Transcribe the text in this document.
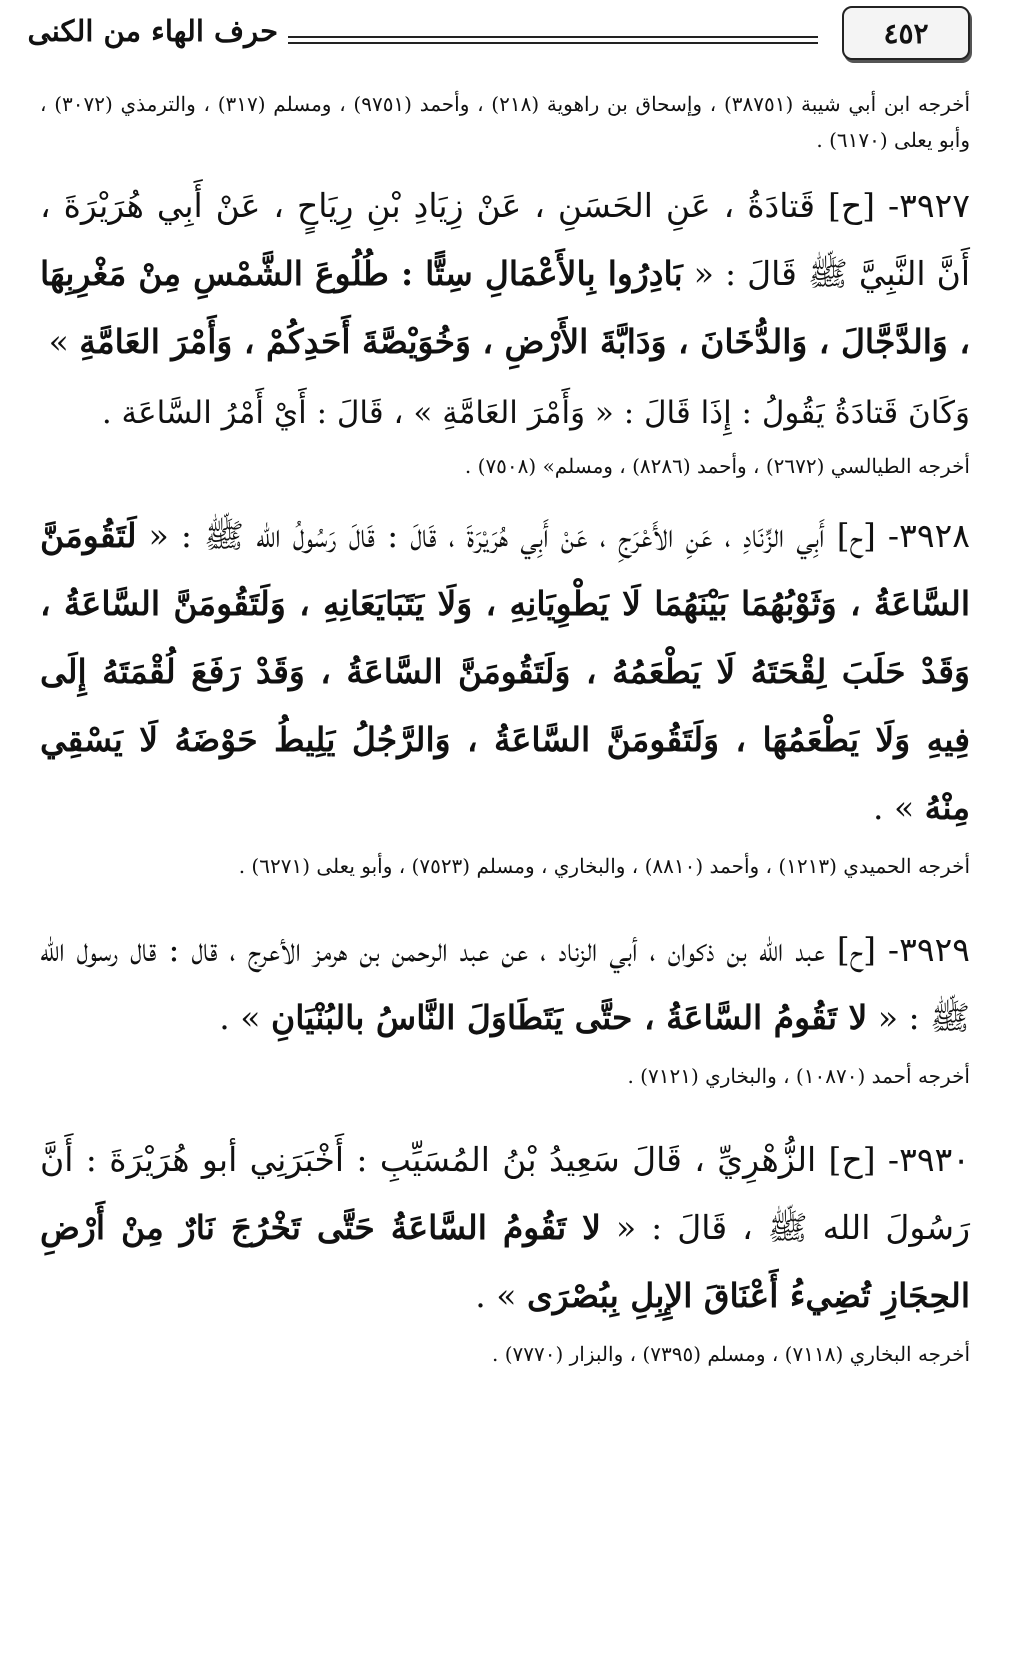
٤٥٢
حرف الهاء من الكنى

أخرجه ابن أبي شيبة (٣٨٧٥١) ، وإسحاق بن راهوية (٢١٨) ، وأحمد (٩٧٥١) ، ومسلم (٣١٧) ، والترمذي (٣٠٧٢) ، وأبو يعلى (٦١٧٠) .

٣٩٢٧- [ح] قَتادَةُ ، عَنِ الحَسَنِ ، عَنْ زِيَادِ بْنِ رِيَاحٍ ، عَنْ أَبِي هُرَيْرَةَ ، أَنَّ النَّبِيَّ ﷺ قَالَ : « بَادِرُوا بِالأَعْمَالِ سِتًّا : طُلُوعَ الشَّمْسِ مِنْ مَغْرِبِهَا ، وَالدَّجَّالَ ، وَالدُّخَانَ ، وَدَابَّةَ الأَرْضِ ، وَخُوَيْصَّةَ أَحَدِكُمْ ، وَأَمْرَ العَامَّةِ »

وَكَانَ قَتادَةُ يَقُولُ : إِذَا قَالَ : « وَأَمْرَ العَامَّةِ » ، قَالَ : أَيْ أَمْرُ السَّاعَة .

أخرجه الطيالسي (٢٦٧٢) ، وأحمد (٨٢٨٦) ، ومسلم» (٧٥٠٨) .

٣٩٢٨- [ح] أَبِي الزِّنَادِ ، عَنِ الأَعْرَجِ ، عَنْ أَبِي هُرَيْرَةَ ، قَالَ : قَالَ رَسُولُ الله ﷺ : « لَتَقُومَنَّ السَّاعَةُ ، وَثَوْبُهُمَا بَيْنَهُمَا لَا يَطْوِيَانِهِ ، وَلَا يَتَبَايَعَانِهِ ، وَلَتَقُومَنَّ السَّاعَةُ ، وَقَدْ حَلَبَ لِقْحَتَهُ لَا يَطْعَمُهُ ، وَلَتَقُومَنَّ السَّاعَةُ ، وَقَدْ رَفَعَ لُقْمَتَهُ إِلَى فِيهِ وَلَا يَطْعَمُهَا ، وَلَتَقُومَنَّ السَّاعَةُ ، وَالرَّجُلُ يَلِيطُ حَوْضَهُ لَا يَسْقِي مِنْهُ » .

أخرجه الحميدي (١٢١٣) ، وأحمد (٨٨١٠) ، والبخاري ، ومسلم (٧٥٢٣) ، وأبو يعلى (٦٢٧١) .

٣٩٢٩- [ح] عبد الله بن ذكوان ، أبي الزناد ، عن عبد الرحمن بن هرمز الأعرج ، قال : قال رسول الله ﷺ : « لا تَقُومُ السَّاعَةُ ، حتَّى يَتَطَاوَلَ النَّاسُ بالبُنْيَانِ » .

أخرجه أحمد (١٠٨٧٠) ، والبخاري (٧١٢١) .

٣٩٣٠- [ح] الزُّهْرِيِّ ، قَالَ سَعِيدُ بْنُ المُسَيِّبِ : أَخْبَرَنِي أبو هُرَيْرَةَ : أَنَّ رَسُولَ الله ﷺ ، قَالَ : « لا تَقُومُ السَّاعَةُ حَتَّى تَخْرُجَ نَارٌ مِنْ أَرْضِ الحِجَازِ تُضِيءُ أَعْنَاقَ الإِبِلِ بِبُصْرَى » .

أخرجه البخاري (٧١١٨) ، ومسلم (٧٣٩٥) ، والبزار (٧٧٧٠) .
